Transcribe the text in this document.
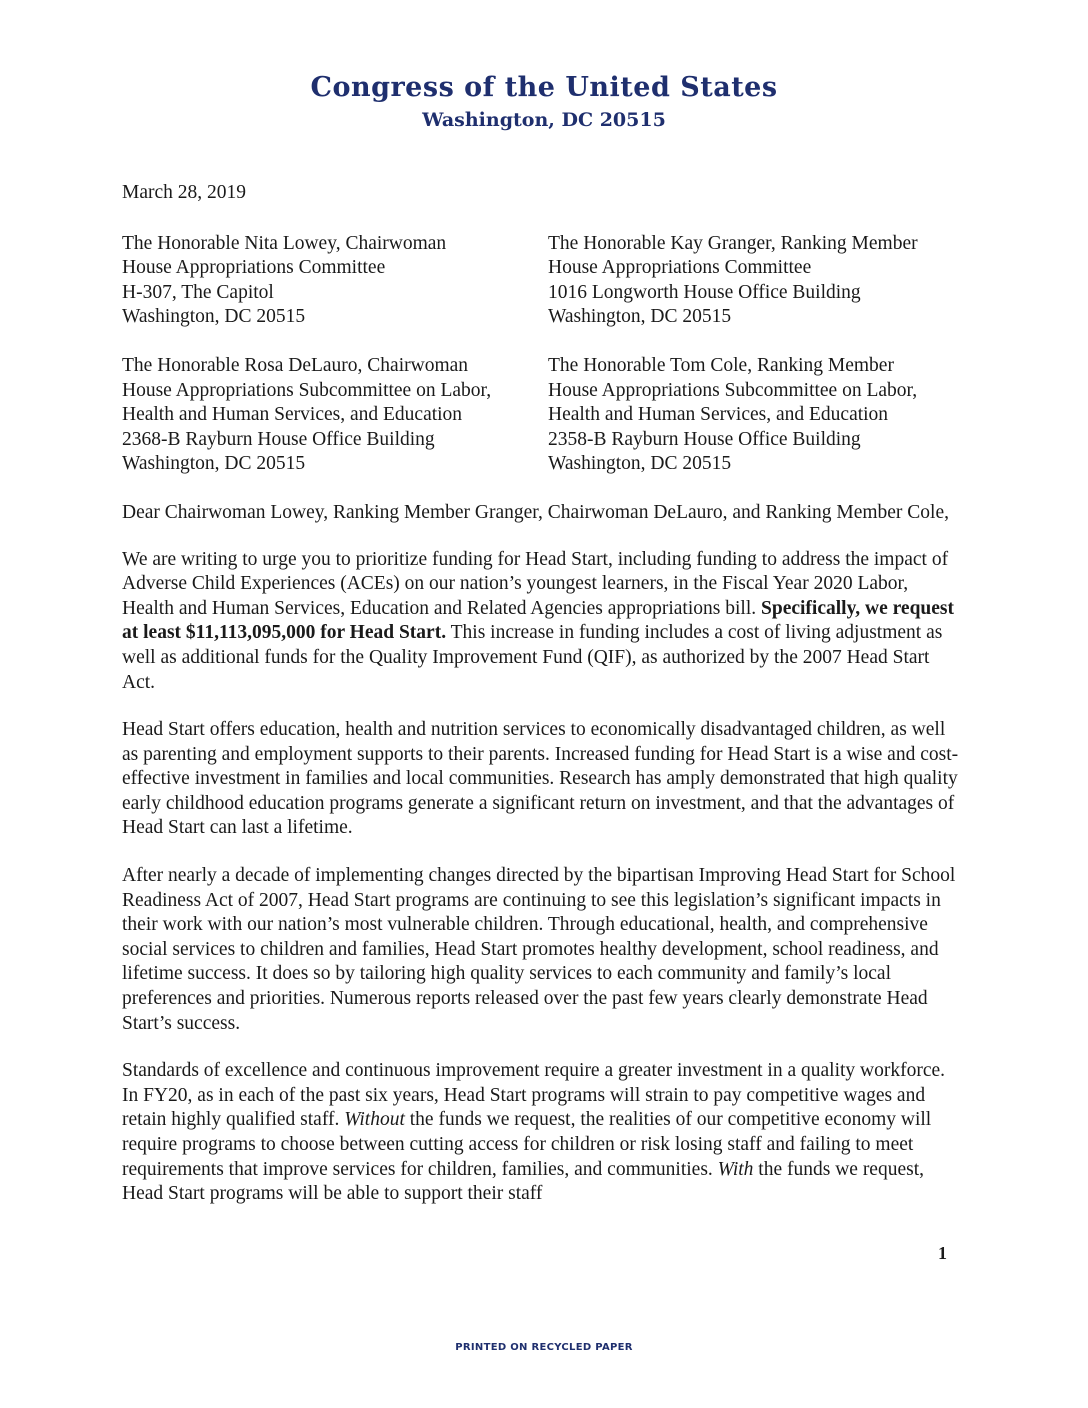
Congress of the United States
Washington, DC 20515
March 28, 2019
The Honorable Nita Lowey, Chairwoman
House Appropriations Committee
H-307, The Capitol
Washington, DC 20515
The Honorable Kay Granger, Ranking Member
House Appropriations Committee
1016 Longworth House Office Building
Washington, DC 20515
The Honorable Rosa DeLauro, Chairwoman
House Appropriations Subcommittee on Labor,
Health and Human Services, and Education
2368-B Rayburn House Office Building
Washington, DC 20515
The Honorable Tom Cole, Ranking Member
House Appropriations Subcommittee on Labor,
Health and Human Services, and Education
2358-B Rayburn House Office Building
Washington, DC 20515

Dear Chairwoman Lowey, Ranking Member Granger, Chairwoman DeLauro, and Ranking Member Cole,

We are writing to urge you to prioritize funding for Head Start, including funding to address the impact of Adverse Child Experiences (ACEs) on our nation’s youngest learners, in the Fiscal Year 2020 Labor, Health and Human Services, Education and Related Agencies appropriations bill. Specifically, we request at least $11,113,095,000 for Head Start. This increase in funding includes a cost of living adjustment as well as additional funds for the Quality Improvement Fund (QIF), as authorized by the 2007 Head Start Act.

Head Start offers education, health and nutrition services to economically disadvantaged children, as well as parenting and employment supports to their parents. Increased funding for Head Start is a wise and cost-effective investment in families and local communities. Research has amply demonstrated that high quality early childhood education programs generate a significant return on investment, and that the advantages of Head Start can last a lifetime.

After nearly a decade of implementing changes directed by the bipartisan Improving Head Start for School Readiness Act of 2007, Head Start programs are continuing to see this legislation’s significant impacts in their work with our nation’s most vulnerable children. Through educational, health, and comprehensive social services to children and families, Head Start promotes healthy development, school readiness, and lifetime success. It does so by tailoring high quality services to each community and family’s local preferences and priorities. Numerous reports released over the past few years clearly demonstrate Head Start’s success.

Standards of excellence and continuous improvement require a greater investment in a quality workforce. In FY20, as in each of the past six years, Head Start programs will strain to pay competitive wages and retain highly qualified staff. Without the funds we request, the realities of our competitive economy will require programs to choose between cutting access for children or risk losing staff and failing to meet requirements that improve services for children, families, and communities. With the funds we request, Head Start programs will be able to support their staff

1
PRINTED ON RECYCLED PAPER
